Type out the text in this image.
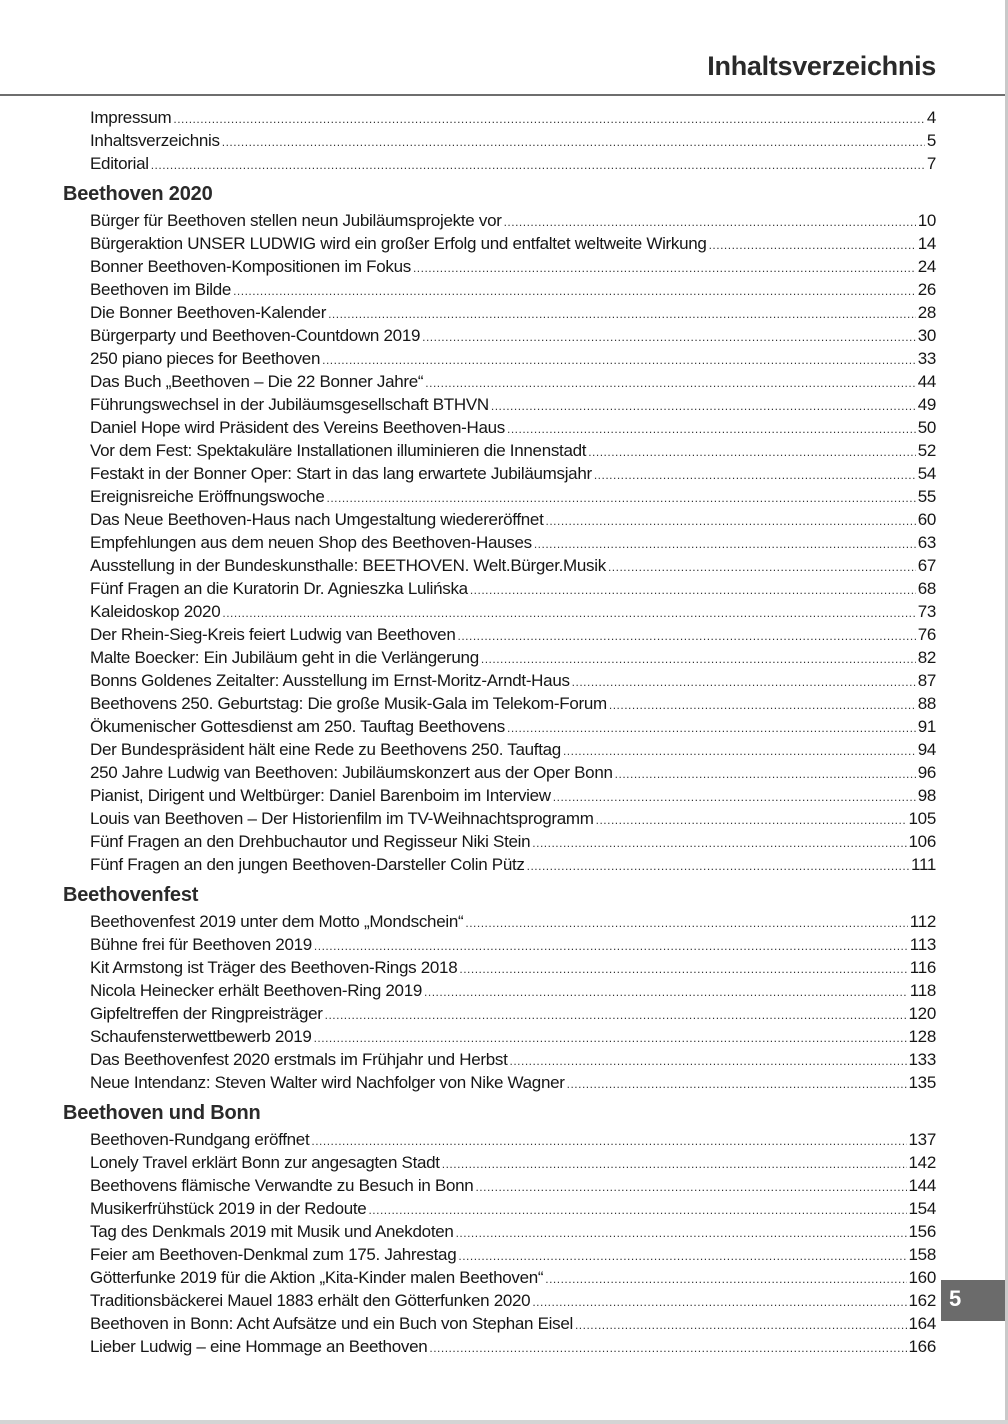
Inhaltsverzeichnis
Impressum .....	4
Inhaltsverzeichnis .....	5
Editorial .....	7
Beethoven 2020
Bürger für Beethoven stellen neun Jubiläumsprojekte vor .....	10
Bürgeraktion UNSER LUDWIG wird ein großer Erfolg und entfaltet weltweite Wirkung .....	14
Bonner Beethoven-Kompositionen im Fokus .....	24
Beethoven im Bilde .....	26
Die Bonner Beethoven-Kalender .....	28
Bürgerparty und Beethoven-Countdown 2019 .....	30
250 piano pieces for Beethoven .....	33
Das Buch „Beethoven – Die 22 Bonner Jahre“ .....	44
Führungswechsel in der Jubiläumsgesellschaft BTHVN .....	49
Daniel Hope wird Präsident des Vereins Beethoven-Haus .....	50
Vor dem Fest: Spektakuläre Installationen illuminieren die Innenstadt .....	52
Festakt in der Bonner Oper: Start in das lang erwartete Jubiläumsjahr .....	54
Ereignisreiche Eröffnungswoche .....	55
Das Neue Beethoven-Haus nach Umgestaltung wiedereröffnet .....	60
Empfehlungen aus dem neuen Shop des Beethoven-Hauses .....	63
Ausstellung in der Bundeskunsthalle: BEETHOVEN. Welt.Bürger.Musik .....	67
Fünf Fragen an die Kuratorin Dr. Agnieszka Lulińska .....	68
Kaleidoskop 2020 .....	73
Der Rhein-Sieg-Kreis feiert Ludwig van Beethoven .....	76
Malte Boecker: Ein Jubiläum geht in die Verlängerung .....	82
Bonns Goldenes Zeitalter: Ausstellung im Ernst-Moritz-Arndt-Haus .....	87
Beethovens 250. Geburtstag: Die große Musik-Gala im Telekom-Forum .....	88
Ökumenischer Gottesdienst am 250. Tauftag Beethovens .....	91
Der Bundespräsident hält eine Rede zu Beethovens 250. Tauftag .....	94
250 Jahre Ludwig van Beethoven: Jubiläumskonzert aus der Oper Bonn .....	96
Pianist, Dirigent und Weltbürger: Daniel Barenboim im Interview .....	98
Louis van Beethoven – Der Historienfilm im TV-Weihnachtsprogramm .....	105
Fünf Fragen an den Drehbuchautor und Regisseur Niki Stein .....	106
Fünf Fragen an den jungen Beethoven-Darsteller Colin Pütz .....	111
Beethovenfest
Beethovenfest 2019 unter dem Motto „Mondschein“ .....	112
Bühne frei für Beethoven 2019 .....	113
Kit Armstong ist Träger des Beethoven-Rings 2018 .....	116
Nicola Heinecker erhält Beethoven-Ring 2019 .....	118
Gipfeltreffen der Ringpreisträger .....	120
Schaufensterwettbewerb 2019 .....	128
Das Beethovenfest 2020 erstmals im Frühjahr und Herbst .....	133
Neue Intendanz: Steven Walter wird Nachfolger von Nike Wagner .....	135
Beethoven und Bonn
Beethoven-Rundgang eröffnet .....	137
Lonely Travel erklärt Bonn zur angesagten Stadt .....	142
Beethovens flämische Verwandte zu Besuch in Bonn .....	144
Musikerfrühstück 2019 in der Redoute .....	154
Tag des Denkmals 2019 mit Musik und Anekdoten .....	156
Feier am Beethoven-Denkmal zum 175. Jahrestag .....	158
Götterfunke 2019 für die Aktion „Kita-Kinder malen Beethoven“ .....	160
Traditionsbäckerei Mauel 1883 erhält den Götterfunken 2020 .....	162
Beethoven in Bonn: Acht Aufsätze und ein Buch von Stephan Eisel .....	164
Lieber Ludwig – eine Hommage an Beethoven .....	166
5
